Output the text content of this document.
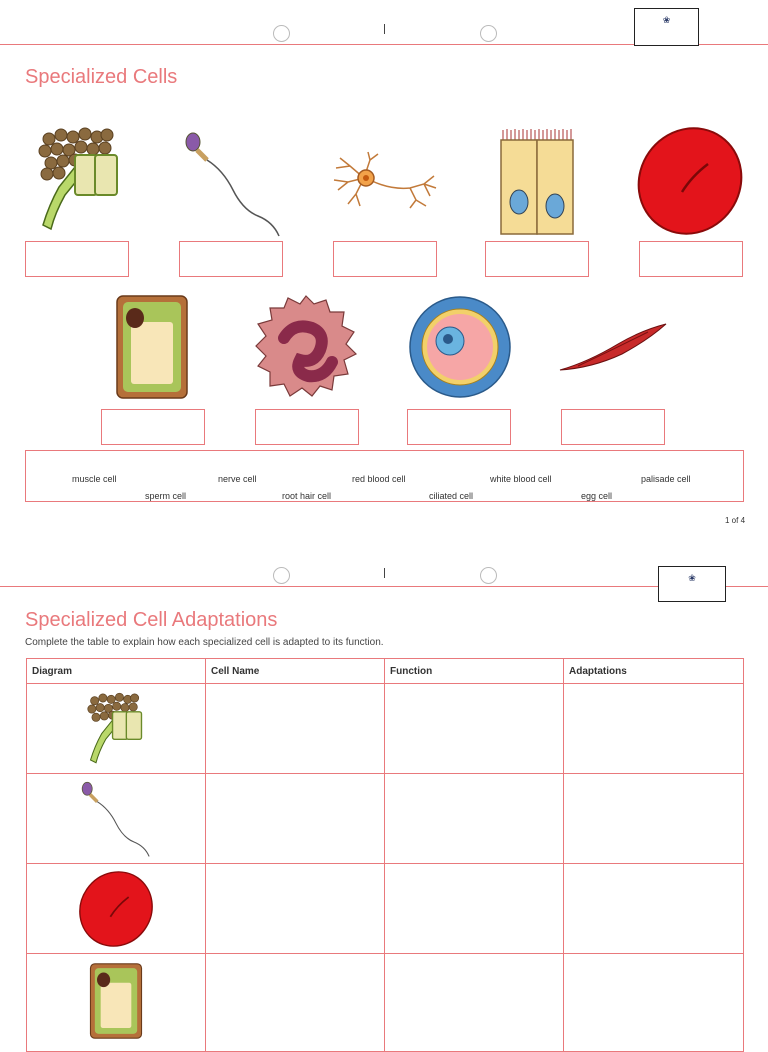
❀

Specialized Cells
muscle cell	nerve cell	red blood cell	white blood cell	palisade cell
sperm cell	root hair cell	ciliated cell	egg cell
1 of 4
❀
Specialized Cell Adaptations
Complete the table to explain how each specialized cell is adapted to its function.
Diagram	Cell Name	Function	Adaptations
